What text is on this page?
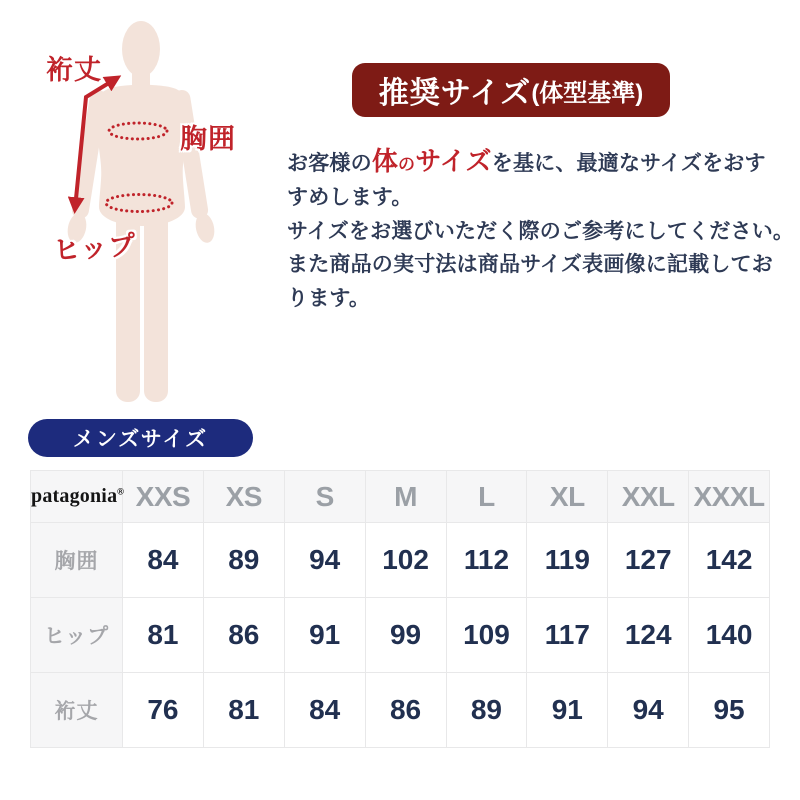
裄丈
胸囲
ヒップ
推奨サイズ (体型基準)

お客様の体のサイズを基に、最適なサイズをおす
すめします。
サイズをお選びいただく際のご参考にしてください。
また商品の実寸法は商品サイズ表画像に記載してお
ります。

メンズサイズ
patagonia®	XXS	XS	S	M	L	XL	XXL	XXXL
胸囲	84	89	94	102	112	119	127	142
ヒップ	81	86	91	99	109	117	124	140
裄丈	76	81	84	86	89	91	94	95
